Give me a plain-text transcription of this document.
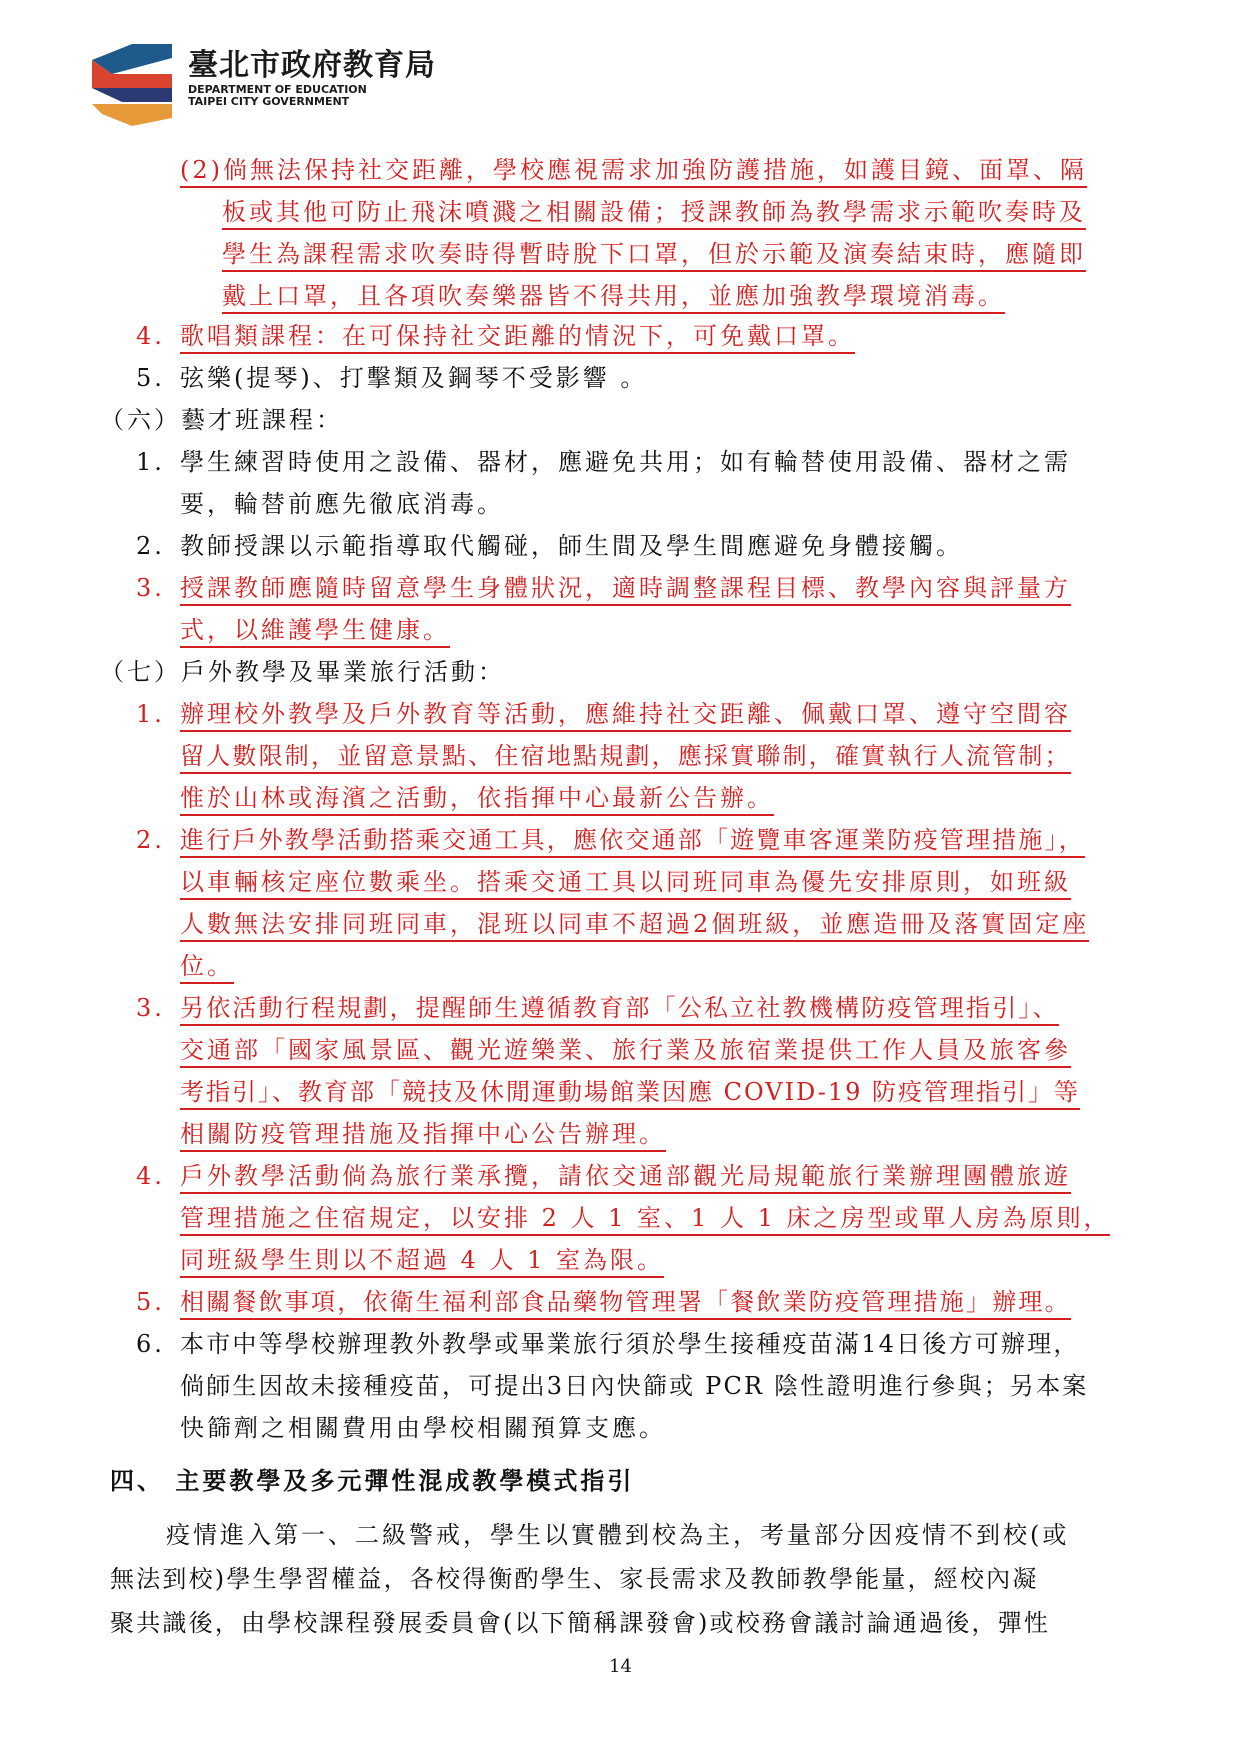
臺北市政府教育局
DEPARTMENT OF EDUCATION
TAIPEI CITY GOVERNMENT
(2)倘無法保持社交距離，學校應視需求加強防護措施，如護目鏡、面罩、隔
板或其他可防止飛沫噴濺之相關設備；授課教師為教學需求示範吹奏時及
學生為課程需求吹奏時得暫時脫下口罩，但於示範及演奏結束時，應隨即
戴上口罩，且各項吹奏樂器皆不得共用，並應加強教學環境消毒。
4. 歌唱類課程：在可保持社交距離的情況下，可免戴口罩。
5. 弦樂(提琴)、打擊類及鋼琴不受影響 。
（六）藝才班課程：
1. 學生練習時使用之設備、器材，應避免共用；如有輪替使用設備、器材之需
要，輪替前應先徹底消毒。
2. 教師授課以示範指導取代觸碰，師生間及學生間應避免身體接觸。
3. 授課教師應隨時留意學生身體狀況，適時調整課程目標、教學內容與評量方
式，以維護學生健康。
（七）戶外教學及畢業旅行活動：
1. 辦理校外教學及戶外教育等活動，應維持社交距離、佩戴口罩、遵守空間容
留人數限制，並留意景點、住宿地點規劃，應採實聯制，確實執行人流管制；
惟於山林或海濱之活動，依指揮中心最新公告辦。
2. 進行戶外教學活動搭乘交通工具，應依交通部「遊覽車客運業防疫管理措施」，
以車輛核定座位數乘坐。搭乘交通工具以同班同車為優先安排原則，如班級
人數無法安排同班同車，混班以同車不超過2個班級，並應造冊及落實固定座
位。
3. 另依活動行程規劃，提醒師生遵循教育部「公私立社教機構防疫管理指引」、
交通部「國家風景區、觀光遊樂業、旅行業及旅宿業提供工作人員及旅客參
考指引」、教育部「競技及休閒運動場館業因應 COVID-19 防疫管理指引」等
相關防疫管理措施及指揮中心公告辦理。
4. 戶外教學活動倘為旅行業承攬，請依交通部觀光局規範旅行業辦理團體旅遊
管理措施之住宿規定，以安排 2 人 1 室、1 人 1 床之房型或單人房為原則，
同班級學生則以不超過 4 人 1 室為限。
5. 相關餐飲事項，依衛生福利部食品藥物管理署「餐飲業防疫管理措施」辦理。
6. 本市中等學校辦理教外教學或畢業旅行須於學生接種疫苗滿14日後方可辦理，
倘師生因故未接種疫苗，可提出3日內快篩或 PCR 陰性證明進行參與；另本案
快篩劑之相關費用由學校相關預算支應。
四、 主要教學及多元彈性混成教學模式指引
疫情進入第一、二級警戒，學生以實體到校為主，考量部分因疫情不到校(或
無法到校)學生學習權益，各校得衡酌學生、家長需求及教師教學能量，經校內凝
聚共識後，由學校課程發展委員會(以下簡稱課發會)或校務會議討論通過後，彈性
14
